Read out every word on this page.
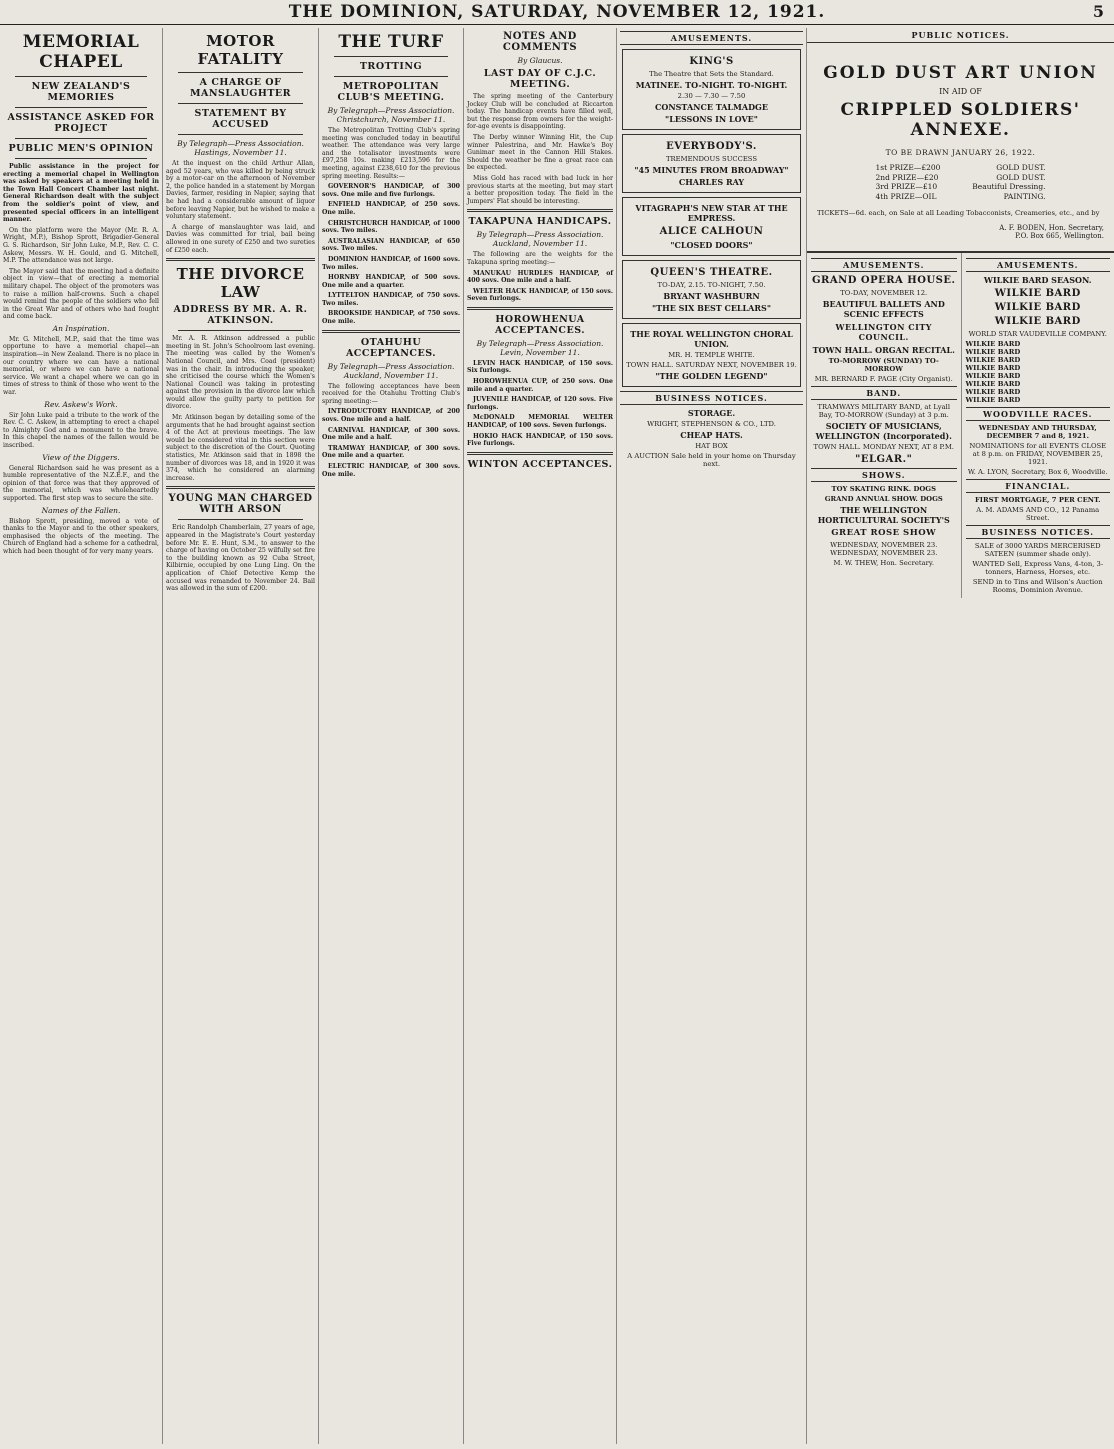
THE DOMINION, SATURDAY, NOVEMBER 12, 1921.	5
MEMORIAL CHAPEL
NEW ZEALAND'S MEMORIES
ASSISTANCE ASKED FOR PROJECT
PUBLIC MEN'S OPINION

Public assistance in the project for erecting a memorial chapel in Wellington was asked by speakers at a meeting held in the Town Hall Concert Chamber last night. General Richardson dealt with the subject from the soldier's point of view, and presented special officers in an intelligent manner.

On the platform were the Mayor (Mr. R. A. Wright, M.P.), Bishop Sprott, Brigadier-General G. S. Richardson, Sir John Luke, M.P., Rev. C. C. Askew, Messrs. W. H. Gould, and G. Mitchell, M.P. The attendance was not large.

The Mayor said that the meeting had a definite object in view—that of erecting a memorial military chapel. The object of the promoters was to raise a million half-crowns. Such a chapel would remind the people of the soldiers who fell in the Great War and of others who had fought and come back.

An Inspiration.

Mr. G. Mitchell, M.P., said that the time was opportune to have a memorial chapel—an inspiration—in New Zealand. There is no place in our country where we can have a national memorial, or where we can have a national service. We want a chapel where we can go in times of stress to think of those who went to the war.

Rev. Askew's Work.

Sir John Luke paid a tribute to the work of the Rev. C. C. Askew, in attempting to erect a chapel to Almighty God and a monument to the brave. In this chapel the names of the fallen would be inscribed.

View of the Diggers.

General Richardson said he was present as a humble representative of the N.Z.E.F., and the opinion of that force was that they approved of the memorial, which was wholeheartedly supported. The first step was to secure the site.

Names of the Fallen.

Bishop Sprott, presiding, moved a vote of thanks to the Mayor and to the other speakers, emphasised the objects of the meeting. The Church of England had a scheme for a cathedral, which had been thought of for very many years.

MOTOR FATALITY
A CHARGE OF MANSLAUGHTER
STATEMENT BY ACCUSED
By Telegraph—Press Association. Hastings, November 11.

At the inquest on the child Arthur Allan, aged 52 years, who was killed by being struck by a motor-car on the afternoon of November 2, the police handed in a statement by Morgan Davies, farmer, residing in Napier, saying that he had had a considerable amount of liquor before leaving Napier, but he wished to make a voluntary statement.

A charge of manslaughter was laid, and Davies was committed for trial, bail being allowed in one surety of £250 and two sureties of £250 each.

THE DIVORCE LAW
ADDRESS BY MR. A. R. ATKINSON.

Mr. A. R. Atkinson addressed a public meeting in St. John's Schoolroom last evening. The meeting was called by the Women's National Council, and Mrs. Coad (president) was in the chair. In introducing the speaker, she criticised the course which the Women's National Council was taking in protesting against the provision in the divorce law which would allow the guilty party to petition for divorce.

Mr. Atkinson began by detailing some of the arguments that he had brought against section 4 of the Act at previous meetings. The law would be considered vital in this section were subject to the discretion of the Court. Quoting statistics, Mr. Atkinson said that in 1898 the number of divorces was 18, and in 1920 it was 374, which he considered an alarming increase.

YOUNG MAN CHARGED WITH ARSON

Eric Randolph Chamberlain, 27 years of age, appeared in the Magistrate's Court yesterday before Mr. E. E. Hunt, S.M., to answer to the charge of having on October 25 wilfully set fire to the building known as 92 Cuba Street, Kilbirnie, occupied by one Lung Ling. On the application of Chief Detective Kemp the accused was remanded to November 24. Bail was allowed in the sum of £200.

THE TURF
TROTTING
METROPOLITAN CLUB'S MEETING.
By Telegraph—Press Association. Christchurch, November 11.

The Metropolitan Trotting Club's spring meeting was concluded today in beautiful weather. The attendance was very large and the totalisator investments were £97,258 10s. making £213,596 for the meeting, against £238,610 for the previous spring meeting. Results:—

GOVERNOR'S HANDICAP, of 300 sovs. One mile and five furlongs.

ENFIELD HANDICAP, of 250 sovs. One mile.

CHRISTCHURCH HANDICAP, of 1000 sovs. Two miles.

AUSTRALASIAN HANDICAP, of 650 sovs. Two miles.

DOMINION HANDICAP, of 1600 sovs. Two miles.

HORNBY HANDICAP, of 500 sovs. One mile and a quarter.

LYTTELTON HANDICAP, of 750 sovs. Two miles.

BROOKSIDE HANDICAP, of 750 sovs. One mile.

OTAHUHU ACCEPTANCES.
By Telegraph—Press Association. Auckland, November 11.

The following acceptances have been received for the Otahuhu Trotting Club's spring meeting:—

INTRODUCTORY HANDICAP, of 200 sovs. One mile and a half.

CARNIVAL HANDICAP, of 300 sovs. One mile and a half.

TRAMWAY HANDICAP, of 300 sovs. One mile and a quarter.

ELECTRIC HANDICAP, of 300 sovs. One mile.

NOTES AND COMMENTS
By Glaucus.
LAST DAY OF C.J.C. MEETING.

The spring meeting of the Canterbury Jockey Club will be concluded at Riccarton today. The handicap events have filled well, but the response from owners for the weight-for-age events is disappointing.

The Derby winner Winning Hit, the Cup winner Palestrina, and Mr. Hawke's Boy Gunimar meet in the Cannon Hill Stakes. Should the weather be fine a great race can be expected.

Miss Gold has raced with bad luck in her previous starts at the meeting, but may start a better proposition today. The field in the Jumpers' Flat should be interesting.

TAKAPUNA HANDICAPS.
By Telegraph—Press Association. Auckland, November 11.

The following are the weights for the Takapuna spring meeting:—

MANUKAU HURDLES HANDICAP, of 400 sovs. One mile and a half.

WELTER HACK HANDICAP, of 150 sovs. Seven furlongs.

HOROWHENUA ACCEPTANCES.
By Telegraph—Press Association. Levin, November 11.

LEVIN HACK HANDICAP, of 150 sovs. Six furlongs.

HOROWHENUA CUP, of 250 sovs. One mile and a quarter.

JUVENILE HANDICAP, of 120 sovs. Five furlongs.

McDONALD MEMORIAL WELTER HANDICAP, of 100 sovs. Seven furlongs.

HOKIO HACK HANDICAP, of 150 sovs. Five furlongs.

WINTON ACCEPTANCES.
AMUSEMENTS.
KING'S
The Theatre that Sets the Standard.
MATINEE. TO-NIGHT. TO-NIGHT.
2.30 — 7.30 — 7.50
CONSTANCE TALMADGE
"LESSONS IN LOVE"
EVERYBODY'S.
TREMENDOUS SUCCESS
"45 MINUTES FROM BROADWAY"
CHARLES RAY
VITAGRAPH'S NEW STAR AT THE EMPRESS.
ALICE CALHOUN
"CLOSED DOORS"
QUEEN'S THEATRE.
TO-DAY, 2.15. TO-NIGHT, 7.50.
BRYANT WASHBURN
"THE SIX BEST CELLARS"
THE ROYAL WELLINGTON CHORAL UNION.
MR. H. TEMPLE WHITE.
TOWN HALL. SATURDAY NEXT, NOVEMBER 19.
"THE GOLDEN LEGEND"
BUSINESS NOTICES.
STORAGE.
WRIGHT, STEPHENSON & CO., LTD.
CHEAP HATS.
HAT BOX
A AUCTION Sale held in your home on Thursday next.
PUBLIC NOTICES.
GOLD DUST ART UNION
IN AID OF
CRIPPLED SOLDIERS' ANNEXE.
TO BE DRAWN JANUARY 26, 1922.
1st PRIZE—£200	GOLD DUST.
2nd PRIZE—£20	GOLD DUST.
3rd PRIZE—£10	Beautiful Dressing.
4th PRIZE—OIL	PAINTING.
TICKETS—6d. each, on Sale at all Leading Tobacconists, Creameries, etc., and by
A. F. BODEN, Hon. Secretary,
P.O. Box 665, Wellington.
AMUSEMENTS.
GRAND OPERA HOUSE.
TO-DAY, NOVEMBER 12.
BEAUTIFUL BALLETS AND SCENIC EFFECTS
WELLINGTON CITY COUNCIL.
TOWN HALL. ORGAN RECITAL.
TO-MORROW (SUNDAY) TO-MORROW
MR. BERNARD F. PAGE (City Organist).
BAND.
TRAMWAYS MILITARY BAND, at Lyall Bay, TO-MORROW (Sunday) at 3 p.m.
SOCIETY OF MUSICIANS, WELLINGTON (Incorporated).
TOWN HALL. MONDAY NEXT, AT 8 P.M.
"ELGAR."
SHOWS.
TOY SKATING RINK. DOGS
GRAND ANNUAL SHOW. DOGS
THE WELLINGTON HORTICULTURAL SOCIETY'S
GREAT ROSE SHOW
WEDNESDAY, NOVEMBER 23. WEDNESDAY, NOVEMBER 23.
M. W. THEW, Hon. Secretary.
AMUSEMENTS.
WILKIE BARD SEASON.
WILKIE BARD
WILKIE BARD
WILKIE BARD
WORLD STAR VAUDEVILLE COMPANY.
WILKIE BARD
WILKIE BARD
WILKIE BARD
WILKIE BARD
WILKIE BARD
WILKIE BARD
WILKIE BARD
WILKIE BARD
WOODVILLE RACES.
WEDNESDAY AND THURSDAY, DECEMBER 7 and 8, 1921.
NOMINATIONS for all EVENTS CLOSE at 8 p.m. on FRIDAY, NOVEMBER 25, 1921.
W. A. LYON, Secretary, Box 6, Woodville.
FINANCIAL.
FIRST MORTGAGE, 7 PER CENT.
A. M. ADAMS AND CO., 12 Panama Street.
BUSINESS NOTICES.
SALE of 3000 YARDS MERCERISED SATEEN (summer shade only).
WANTED Sell, Express Vans, 4-ton, 3-tonners, Harness, Horses, etc.
SEND in to Tins and Wilson's Auction Rooms, Dominion Avenue.
